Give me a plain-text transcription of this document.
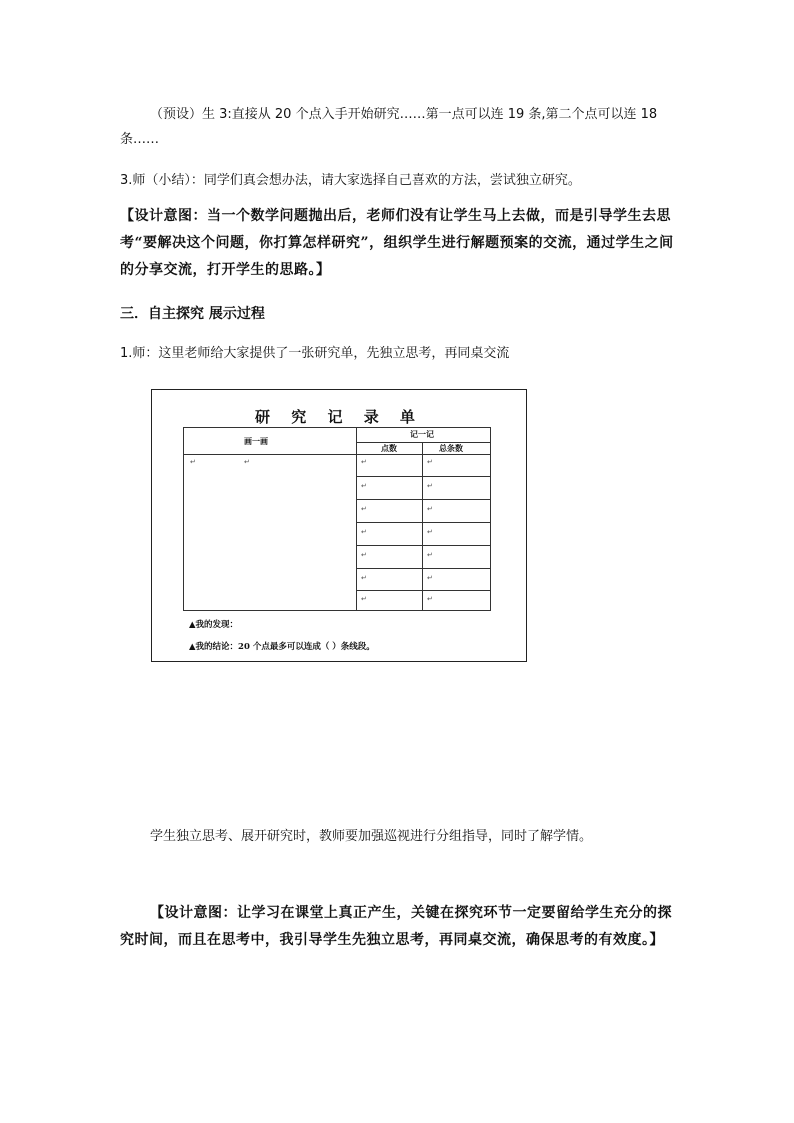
（预设）生 3:直接从 20 个点入手开始研究……第一点可以连 19 条,第二个点可以连 18 条……

3.师（小结）：同学们真会想办法，请大家选择自己喜欢的方法，尝试独立研究。

【设计意图：当一个数学问题抛出后，老师们没有让学生马上去做，而是引导学生去思考“要解决这个问题，你打算怎样研究”，组织学生进行解题预案的交流，通过学生之间的分享交流，打开学生的思路。】

三．自主探究 展示过程

1.师：这里老师给大家提供了一张研究单，先独立思考，再同桌交流

研 究 记 录 单
画一画
记一记
点数	总条数
↵	↵	↵	↵
↵	↵
↵	↵
↵	↵
↵	↵
↵	↵
↵	↵
▲我的发现：
▲我的结论：20 个点最多可以连成（ ）条线段。

学生独立思考、展开研究时，教师要加强巡视进行分组指导，同时了解学情。

【设计意图：让学习在课堂上真正产生，关键在探究环节一定要留给学生充分的探究时间，而且在思考中，我引导学生先独立思考，再同桌交流，确保思考的有效度。】
